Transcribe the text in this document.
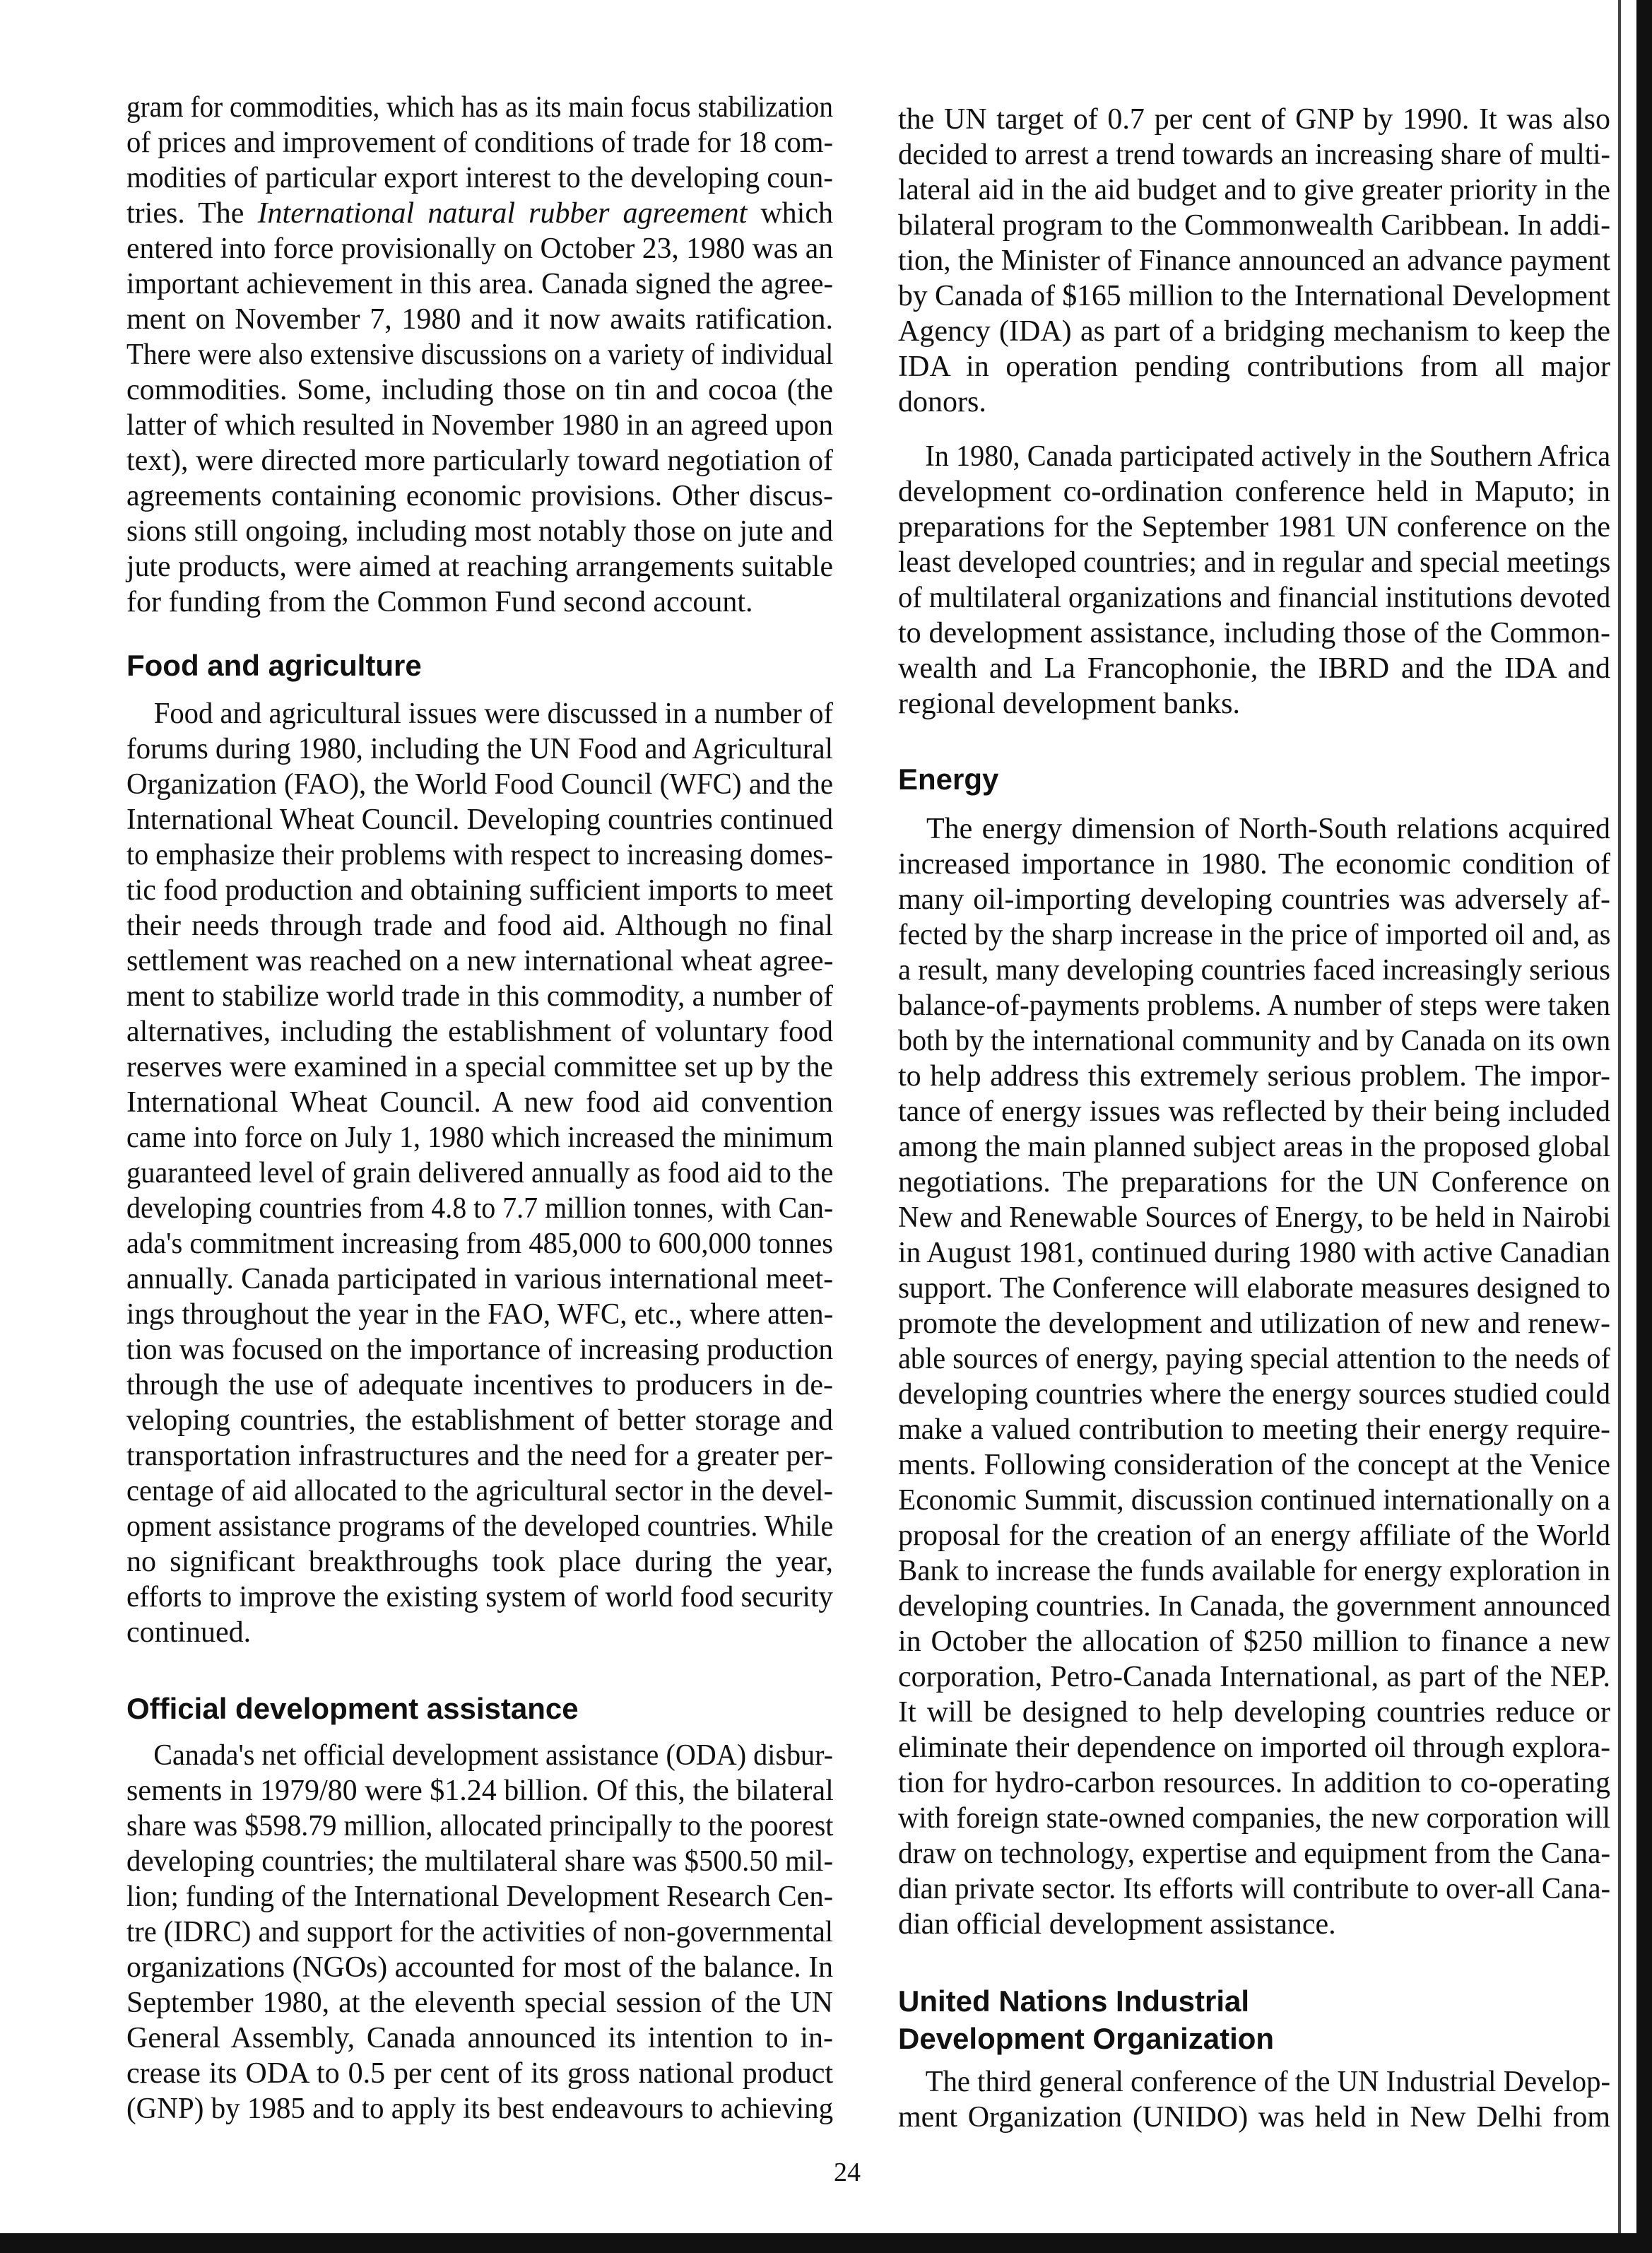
gram for commodities, which has as its main focus stabilization
of prices and improvement of conditions of trade for 18 com-
modities of particular export interest to the developing coun-
tries. The International natural rubber agreement which
entered into force provisionally on October 23, 1980 was an
important achievement in this area. Canada signed the agree-
ment on November 7, 1980 and it now awaits ratification.
There were also extensive discussions on a variety of individual
commodities. Some, including those on tin and cocoa (the
latter of which resulted in November 1980 in an agreed upon
text), were directed more particularly toward negotiation of
agreements containing economic provisions. Other discus-
sions still ongoing, including most notably those on jute and
jute products, were aimed at reaching arrangements suitable
for funding from the Common Fund second account.
Food and agriculture
Food and agricultural issues were discussed in a number of
forums during 1980, including the UN Food and Agricultural
Organization (FAO), the World Food Council (WFC) and the
International Wheat Council. Developing countries continued
to emphasize their problems with respect to increasing domes-
tic food production and obtaining sufficient imports to meet
their needs through trade and food aid. Although no final
settlement was reached on a new international wheat agree-
ment to stabilize world trade in this commodity, a number of
alternatives, including the establishment of voluntary food
reserves were examined in a special committee set up by the
International Wheat Council. A new food aid convention
came into force on July 1, 1980 which increased the minimum
guaranteed level of grain delivered annually as food aid to the
developing countries from 4.8 to 7.7 million tonnes, with Can-
ada's commitment increasing from 485,000 to 600,000 tonnes
annually. Canada participated in various international meet-
ings throughout the year in the FAO, WFC, etc., where atten-
tion was focused on the importance of increasing production
through the use of adequate incentives to producers in de-
veloping countries, the establishment of better storage and
transportation infrastructures and the need for a greater per-
centage of aid allocated to the agricultural sector in the devel-
opment assistance programs of the developed countries. While
no significant breakthroughs took place during the year,
efforts to improve the existing system of world food security
continued.
Official development assistance
Canada's net official development assistance (ODA) disbur-
sements in 1979/80 were $1.24 billion. Of this, the bilateral
share was $598.79 million, allocated principally to the poorest
developing countries; the multilateral share was $500.50 mil-
lion; funding of the International Development Research Cen-
tre (IDRC) and support for the activities of non-governmental
organizations (NGOs) accounted for most of the balance. In
September 1980, at the eleventh special session of the UN
General Assembly, Canada announced its intention to in-
crease its ODA to 0.5 per cent of its gross national product
(GNP) by 1985 and to apply its best endeavours to achieving
the UN target of 0.7 per cent of GNP by 1990. It was also
decided to arrest a trend towards an increasing share of multi-
lateral aid in the aid budget and to give greater priority in the
bilateral program to the Commonwealth Caribbean. In addi-
tion, the Minister of Finance announced an advance payment
by Canada of $165 million to the International Development
Agency (IDA) as part of a bridging mechanism to keep the
IDA in operation pending contributions from all major
donors.
In 1980, Canada participated actively in the Southern Africa
development co-ordination conference held in Maputo; in
preparations for the September 1981 UN conference on the
least developed countries; and in regular and special meetings
of multilateral organizations and financial institutions devoted
to development assistance, including those of the Common-
wealth and La Francophonie, the IBRD and the IDA and
regional development banks.
Energy
The energy dimension of North-South relations acquired
increased importance in 1980. The economic condition of
many oil-importing developing countries was adversely af-
fected by the sharp increase in the price of imported oil and, as
a result, many developing countries faced increasingly serious
balance-of-payments problems. A number of steps were taken
both by the international community and by Canada on its own
to help address this extremely serious problem. The impor-
tance of energy issues was reflected by their being included
among the main planned subject areas in the proposed global
negotiations. The preparations for the UN Conference on
New and Renewable Sources of Energy, to be held in Nairobi
in August 1981, continued during 1980 with active Canadian
support. The Conference will elaborate measures designed to
promote the development and utilization of new and renew-
able sources of energy, paying special attention to the needs of
developing countries where the energy sources studied could
make a valued contribution to meeting their energy require-
ments. Following consideration of the concept at the Venice
Economic Summit, discussion continued internationally on a
proposal for the creation of an energy affiliate of the World
Bank to increase the funds available for energy exploration in
developing countries. In Canada, the government announced
in October the allocation of $250 million to finance a new
corporation, Petro-Canada International, as part of the NEP.
It will be designed to help developing countries reduce or
eliminate their dependence on imported oil through explora-
tion for hydro-carbon resources. In addition to co-operating
with foreign state-owned companies, the new corporation will
draw on technology, expertise and equipment from the Cana-
dian private sector. Its efforts will contribute to over-all Cana-
dian official development assistance.
United Nations Industrial
Development Organization
The third general conference of the UN Industrial Develop-
ment Organization (UNIDO) was held in New Delhi from
24
